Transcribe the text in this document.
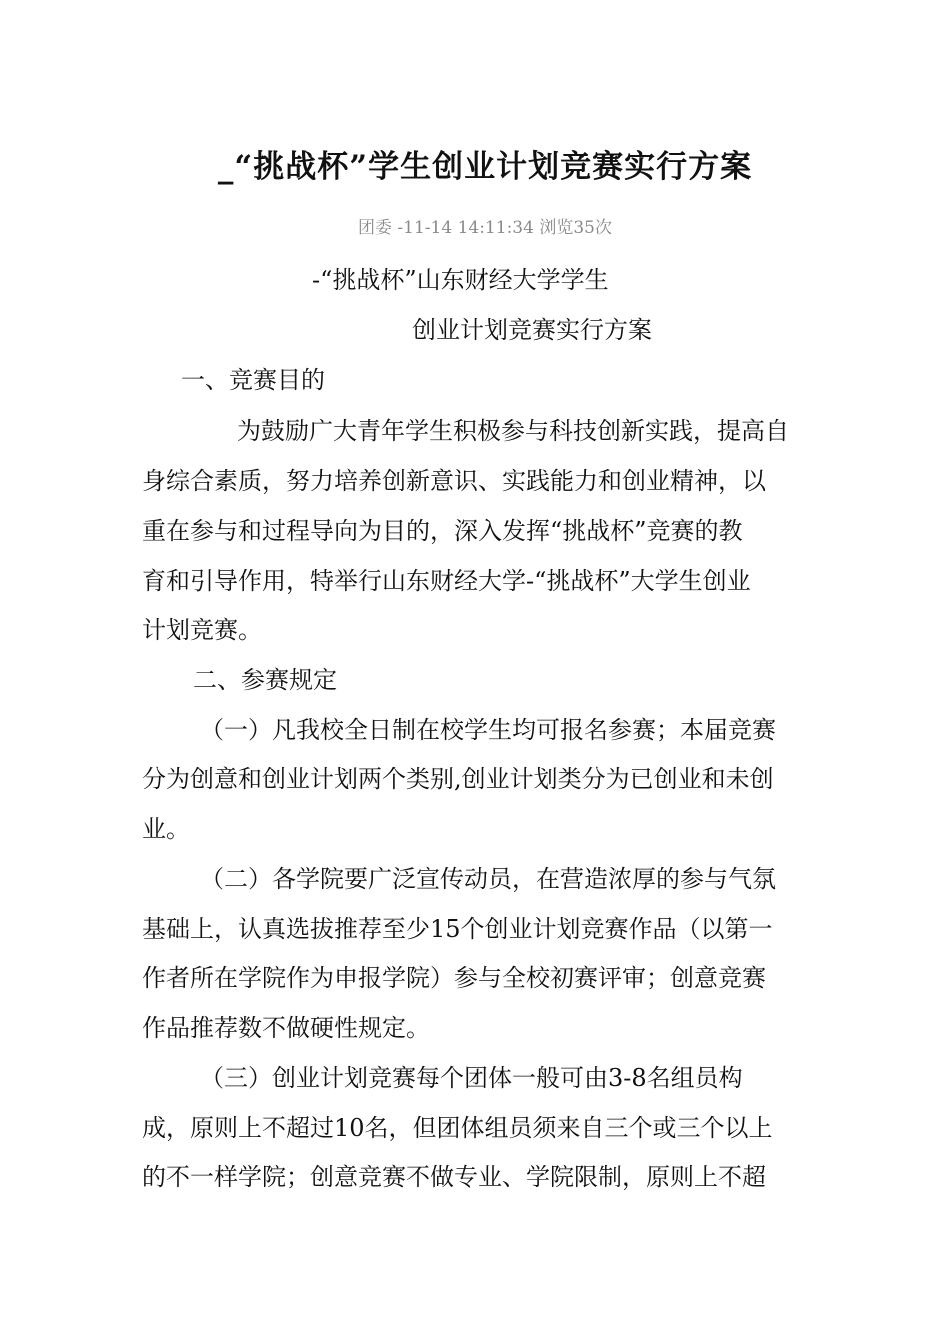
_“挑战杯”学生创业计划竞赛实行方案
团委 -11-14 14:11:34 浏览35次
-“挑战杯”山东财经大学学生
创业计划竞赛实行方案
一、竞赛目的
为鼓励广大青年学生积极参与科技创新实践，提高自
身综合素质，努力培养创新意识、实践能力和创业精神，以
重在参与和过程导向为目的，深入发挥“挑战杯”竞赛的教
育和引导作用，特举行山东财经大学-“挑战杯”大学生创业
计划竞赛。
二、参赛规定
（一）凡我校全日制在校学生均可报名参赛；本届竞赛
分为创意和创业计划两个类别,创业计划类分为已创业和未创
业。
（二）各学院要广泛宣传动员，在营造浓厚的参与气氛
基础上，认真选拔推荐至少15个创业计划竞赛作品（以第一
作者所在学院作为申报学院）参与全校初赛评审；创意竞赛
作品推荐数不做硬性规定。
（三）创业计划竞赛每个团体一般可由3-8名组员构
成，原则上不超过10名，但团体组员须来自三个或三个以上
的不一样学院；创意竞赛不做专业、学院限制，原则上不超
